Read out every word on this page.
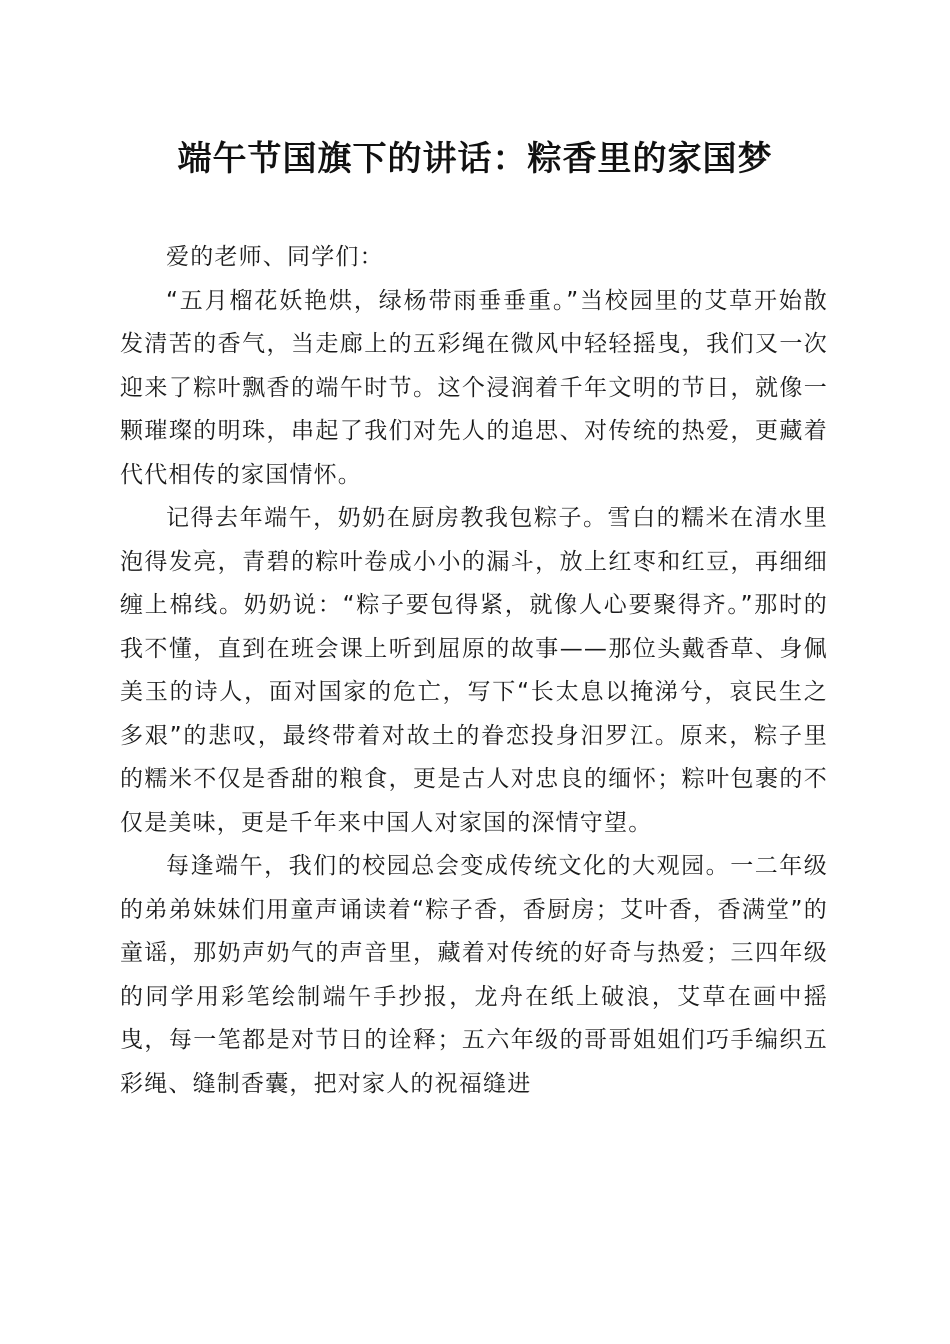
端午节国旗下的讲话：粽香里的家国梦

爱的老师、同学们：

“五月榴花妖艳烘，绿杨带雨垂垂重。”当校园里的艾草开始散发清苦的香气，当走廊上的五彩绳在微风中轻轻摇曳，我们又一次迎来了粽叶飘香的端午时节。这个浸润着千年文明的节日，就像一颗璀璨的明珠，串起了我们对先人的追思、对传统的热爱，更藏着代代相传的家国情怀。

记得去年端午，奶奶在厨房教我包粽子。雪白的糯米在清水里泡得发亮，青碧的粽叶卷成小小的漏斗，放上红枣和红豆，再细细缠上棉线。奶奶说：“粽子要包得紧，就像人心要聚得齐。”那时的我不懂，直到在班会课上听到屈原的故事——那位头戴香草、身佩美玉的诗人，面对国家的危亡，写下“长太息以掩涕兮，哀民生之多艰”的悲叹，最终带着对故土的眷恋投身汨罗江。原来，粽子里的糯米不仅是香甜的粮食，更是古人对忠良的缅怀；粽叶包裹的不仅是美味，更是千年来中国人对家国的深情守望。

每逢端午，我们的校园总会变成传统文化的大观园。一二年级的弟弟妹妹们用童声诵读着“粽子香，香厨房；艾叶香，香满堂”的童谣，那奶声奶气的声音里，藏着对传统的好奇与热爱；三四年级的同学用彩笔绘制端午手抄报，龙舟在纸上破浪，艾草在画中摇曳，每一笔都是对节日的诠释；五六年级的哥哥姐姐们巧手编织五彩绳、缝制香囊，把对家人的祝福缝进
